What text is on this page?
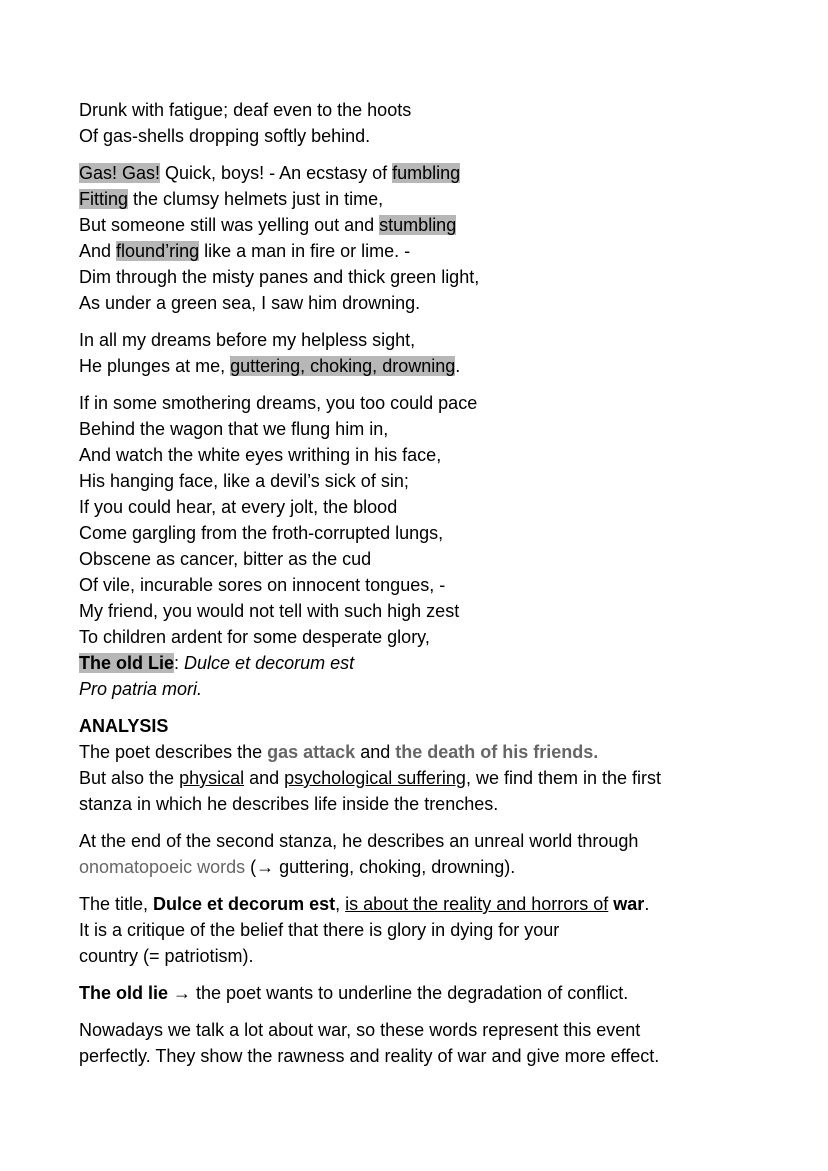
Drunk with fatigue; deaf even to the hoots
Of gas-shells dropping softly behind.
Gas! Gas! Quick, boys! - An ecstasy of fumbling
Fitting the clumsy helmets just in time,
But someone still was yelling out and stumbling
And flound’ring like a man in fire or lime. -
Dim through the misty panes and thick green light,
As under a green sea, I saw him drowning.
In all my dreams before my helpless sight,
He plunges at me, guttering, choking, drowning.
If in some smothering dreams, you too could pace
Behind the wagon that we flung him in,
And watch the white eyes writhing in his face,
His hanging face, like a devil’s sick of sin;
If you could hear, at every jolt, the blood
Come gargling from the froth-corrupted lungs,
Obscene as cancer, bitter as the cud
Of vile, incurable sores on innocent tongues, -
My friend, you would not tell with such high zest
To children ardent for some desperate glory,
The old Lie: Dulce et decorum est
Pro patria mori.
ANALYSIS
The poet describes the gas attack and the death of his friends.
But also the physical and psychological suffering, we find them in the first
stanza in which he describes life inside the trenches.
At the end of the second stanza, he describes an unreal world through
onomatopoeic words (→ guttering, choking, drowning).
The title, Dulce et decorum est, is about the reality and horrors of war.
It is a critique of the belief that there is glory in dying for your
country (= patriotism).
The old lie → the poet wants to underline the degradation of conflict.
Nowadays we talk a lot about war, so these words represent this event
perfectly. They show the rawness and reality of war and give more effect.
